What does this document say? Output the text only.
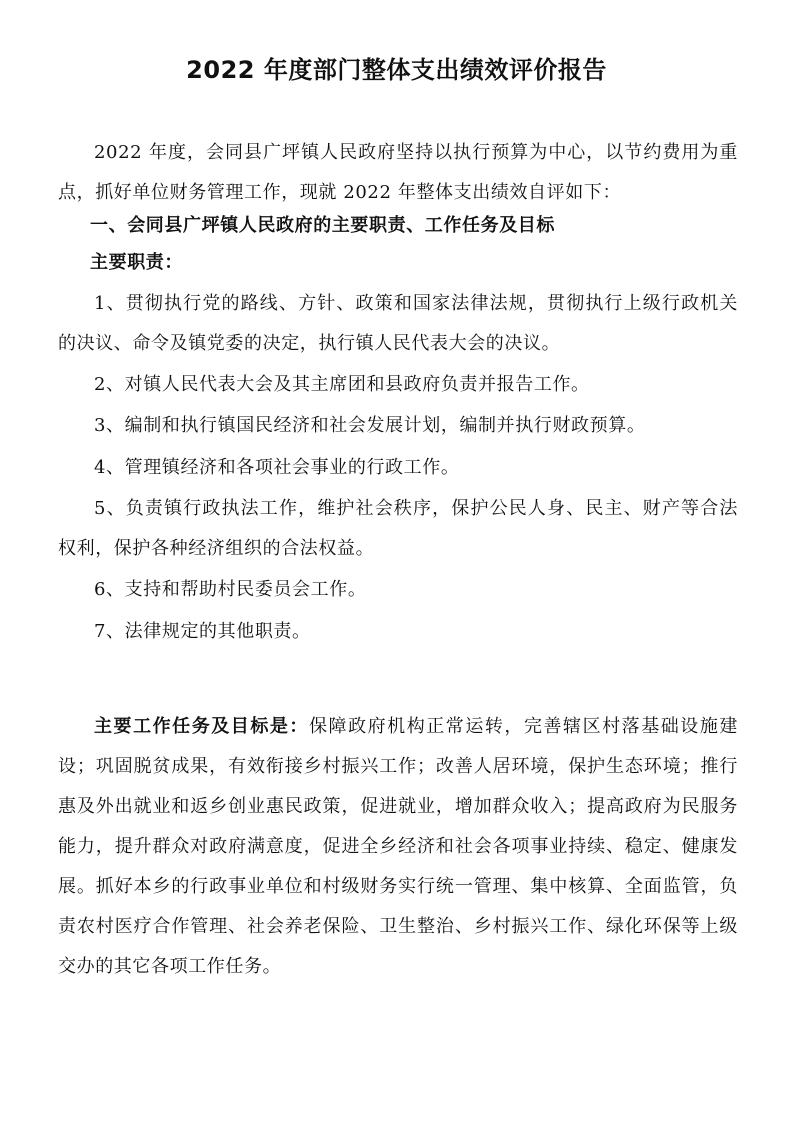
2022 年度部门整体支出绩效评价报告

2022 年度，会同县广坪镇人民政府坚持以执行预算为中心，以节约费用为重点，抓好单位财务管理工作，现就 2022 年整体支出绩效自评如下：

一、会同县广坪镇人民政府的主要职责、工作任务及目标

主要职责：

1、贯彻执行党的路线、方针、政策和国家法律法规，贯彻执行上级行政机关的决议、命令及镇党委的决定，执行镇人民代表大会的决议。

2、对镇人民代表大会及其主席团和县政府负责并报告工作。

3、编制和执行镇国民经济和社会发展计划，编制并执行财政预算。

4、管理镇经济和各项社会事业的行政工作。

5、负责镇行政执法工作，维护社会秩序，保护公民人身、民主、财产等合法权利，保护各种经济组织的合法权益。

6、支持和帮助村民委员会工作。

7、法律规定的其他职责。

主要工作任务及目标是：保障政府机构正常运转，完善辖区村落基础设施建设；巩固脱贫成果，有效衔接乡村振兴工作；改善人居环境，保护生态环境；推行惠及外出就业和返乡创业惠民政策，促进就业，增加群众收入；提高政府为民服务能力，提升群众对政府满意度，促进全乡经济和社会各项事业持续、稳定、健康发展。抓好本乡的行政事业单位和村级财务实行统一管理、集中核算、全面监管，负责农村医疗合作管理、社会养老保险、卫生整治、乡村振兴工作、绿化环保等上级交办的其它各项工作任务。
